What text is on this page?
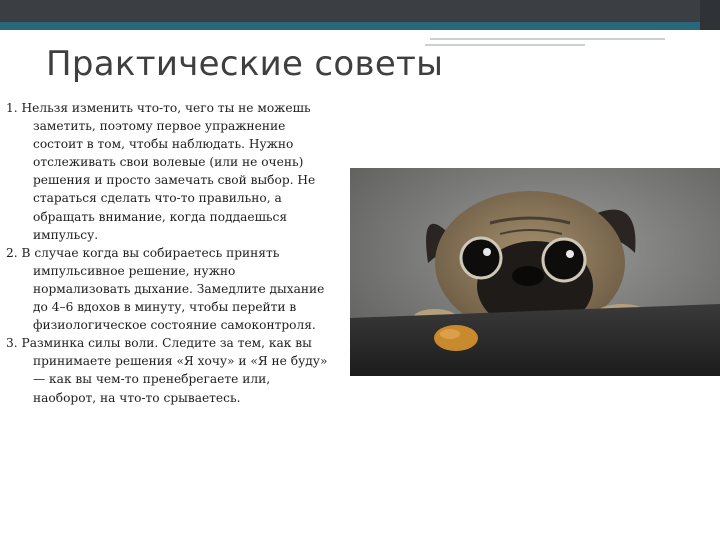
Практические советы
1. Нельзя изменить что-то, чего ты не можешь заметить, поэтому первое упражнение состоит в том, чтобы наблюдать. Нужно отслеживать свои волевые (или не очень) решения и просто замечать свой выбор. Не стараться сделать что-то правильно, а обращать внимание, когда поддаешься импульсу.
2. В случае когда вы собираетесь принять импульсивное решение, нужно нормализовать дыхание. Замедлите дыхание до 4–6 вдохов в минуту, чтобы перейти в физиологическое состояние самоконтроля.
3. Разминка силы воли. Следите за тем, как вы принимаете решения «Я хочу» и «Я не буду» — как вы чем-то пренебрегаете или, наоборот, на что-то срываетесь.
